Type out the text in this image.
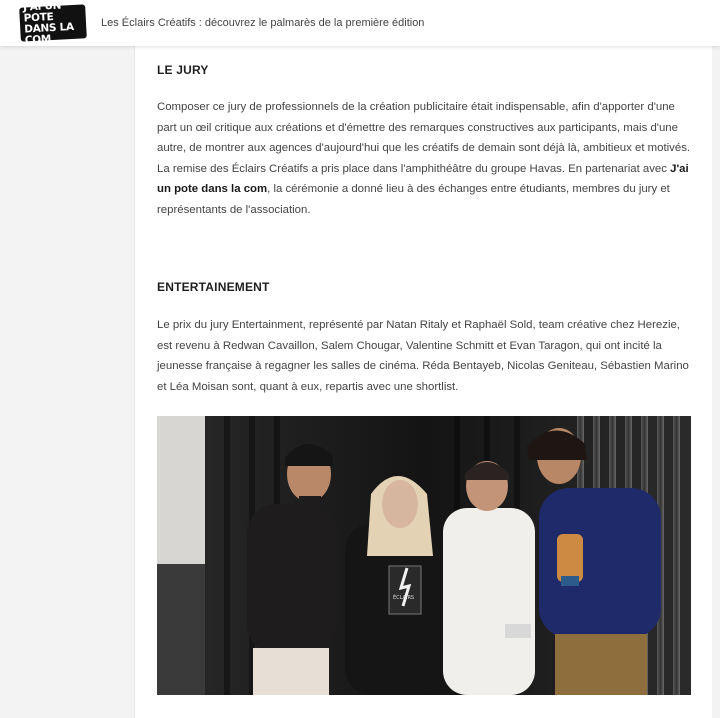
J'AI UN POTE
DANS LA COM
Les Éclairs Créatifs : découvrez le palmarès de la première édition
LE JURY

Composer ce jury de professionnels de la création publicitaire était indispensable, afin d'apporter d'une part un œil critique aux créations et d'émettre des remarques constructives aux participants, mais d'une autre, de montrer aux agences d'aujourd'hui que les créatifs de demain sont déjà là, ambitieux et motivés. La remise des Éclairs Créatifs a pris place dans l'amphithéâtre du groupe Havas. En partenariat avec J'ai un pote dans la com, la cérémonie a donné lieu à des échanges entre étudiants, membres du jury et représentants de l'association.

ENTERTAINEMENT

Le prix du jury Entertainment, représenté par Natan Ritaly et Raphaël Sold, team créative chez Herezie, est revenu à Redwan Cavaillon, Salem Chougar, Valentine Schmitt et Evan Taragon, qui ont incité la jeunesse française à regagner les salles de cinéma. Réda Bentayeb, Nicolas Geniteau, Sébastien Marino et Léa Moisan sont, quant à eux, repartis avec une shortlist.

ÉCLAIRS
